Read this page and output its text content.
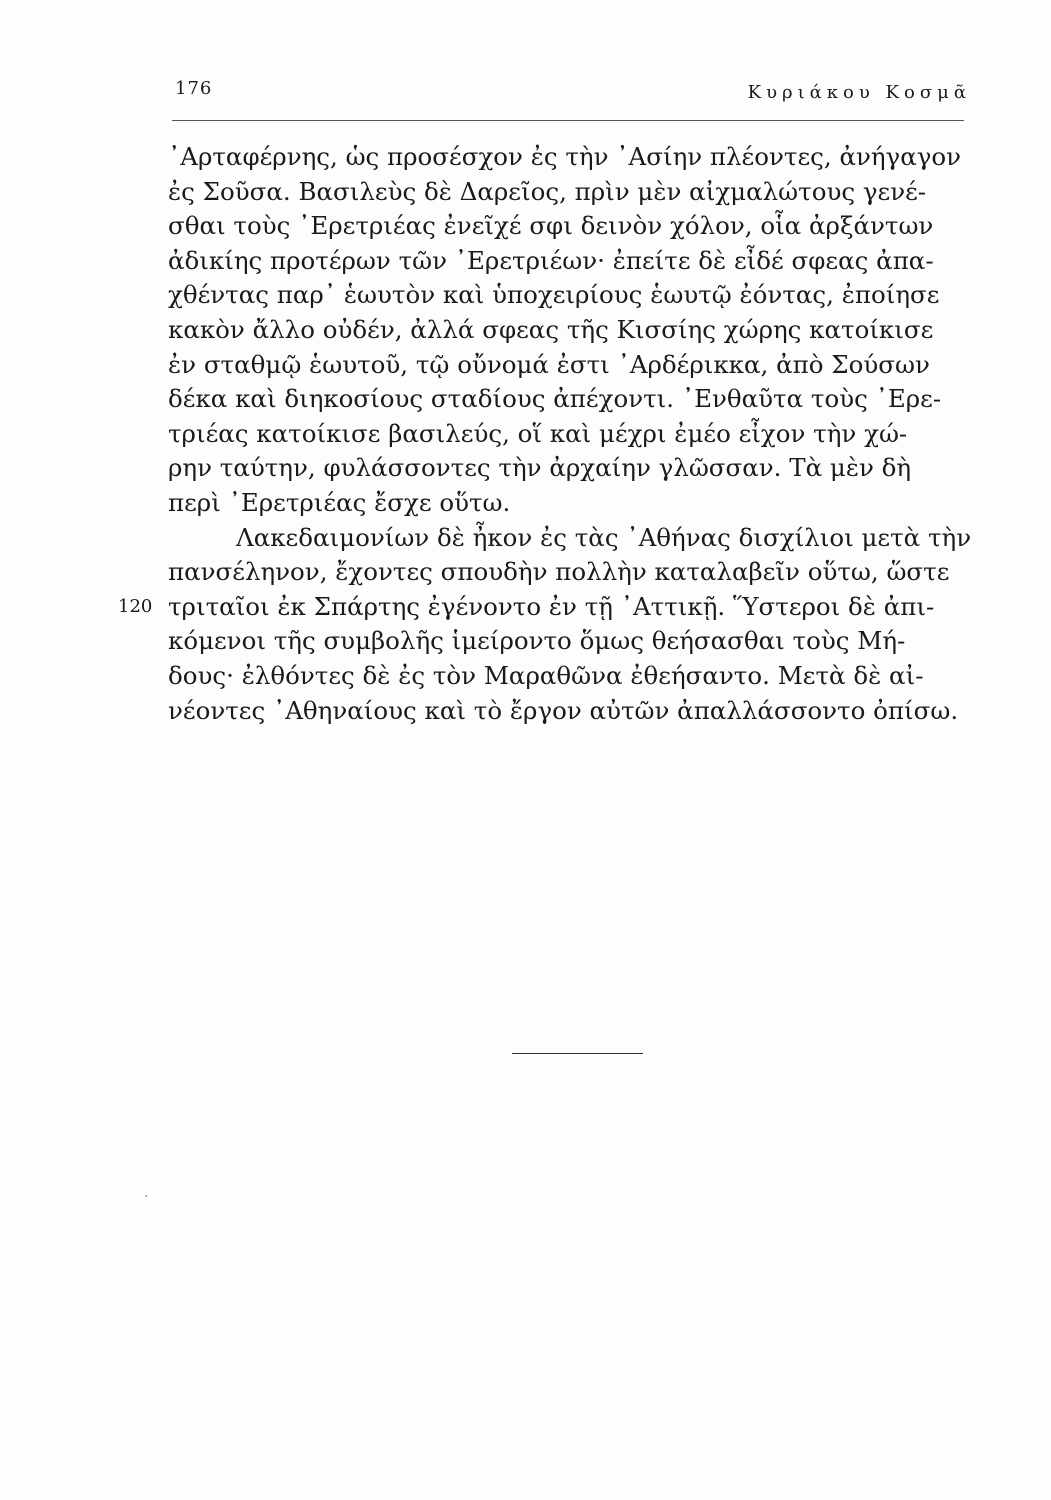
176	Κυριάκου Κοσμᾶ
120
᾿Αρταφέρνης, ὡς προσέσχον ἐς τὴν ᾿Ασίην πλέοντες, ἀνήγαγον
ἐς Σοῦσα. Βασιλεὺς δὲ Δαρεῖος, πρὶν μὲν αἰχμαλώτους γενέ-
σθαι τοὺς ᾿Ερετριέας ἐνεῖχέ σφι δεινὸν χόλον, οἷα ἀρξάντων
ἀδικίης προτέρων τῶν ᾿Ερετριέων· ἐπείτε δὲ εἶδέ σφεας ἀπα-
χθέντας παρ᾿ ἑωυτὸν καὶ ὑποχειρίους ἑωυτῷ ἐόντας, ἐποίησε
κακὸν ἄλλο οὐδέν, ἀλλά σφεας τῆς Κισσίης χώρης κατοίκισε
ἐν σταθμῷ ἑωυτοῦ, τῷ οὔνομά ἐστι ᾿Αρδέρικκα, ἀπὸ Σούσων
δέκα καὶ διηκοσίους σταδίους ἀπέχοντι. ᾿Ενθαῦτα τοὺς ᾿Ερε-
τριέας κατοίκισε βασιλεύς, οἵ καὶ μέχρι ἐμέο εἶχον τὴν χώ-
ρην ταύτην, φυλάσσοντες τὴν ἀρχαίην γλῶσσαν. Τὰ μὲν δὴ
περὶ ᾿Ερετριέας ἔσχε οὕτω.
Λακεδαιμονίων δὲ ἦκον ἐς τὰς ᾿Αθήνας δισχίλιοι μετὰ τὴν
πανσέληνον, ἔχοντες σπουδὴν πολλὴν καταλαβεῖν οὕτω, ὥστε
τριταῖοι ἐκ Σπάρτης ἐγένοντο ἐν τῇ ᾿Αττικῇ. Ὕστεροι δὲ ἀπι-
κόμενοι τῆς συμβολῆς ἱμείροντο ὅμως θεήσασθαι τοὺς Μή-
δους· ἐλθόντες δὲ ἐς τὸν Μαραθῶνα ἐθεήσαντο. Μετὰ δὲ αἰ-
νέοντες ᾿Αθηναίους καὶ τὸ ἔργον αὐτῶν ἀπαλλάσσοντο ὀπίσω.
